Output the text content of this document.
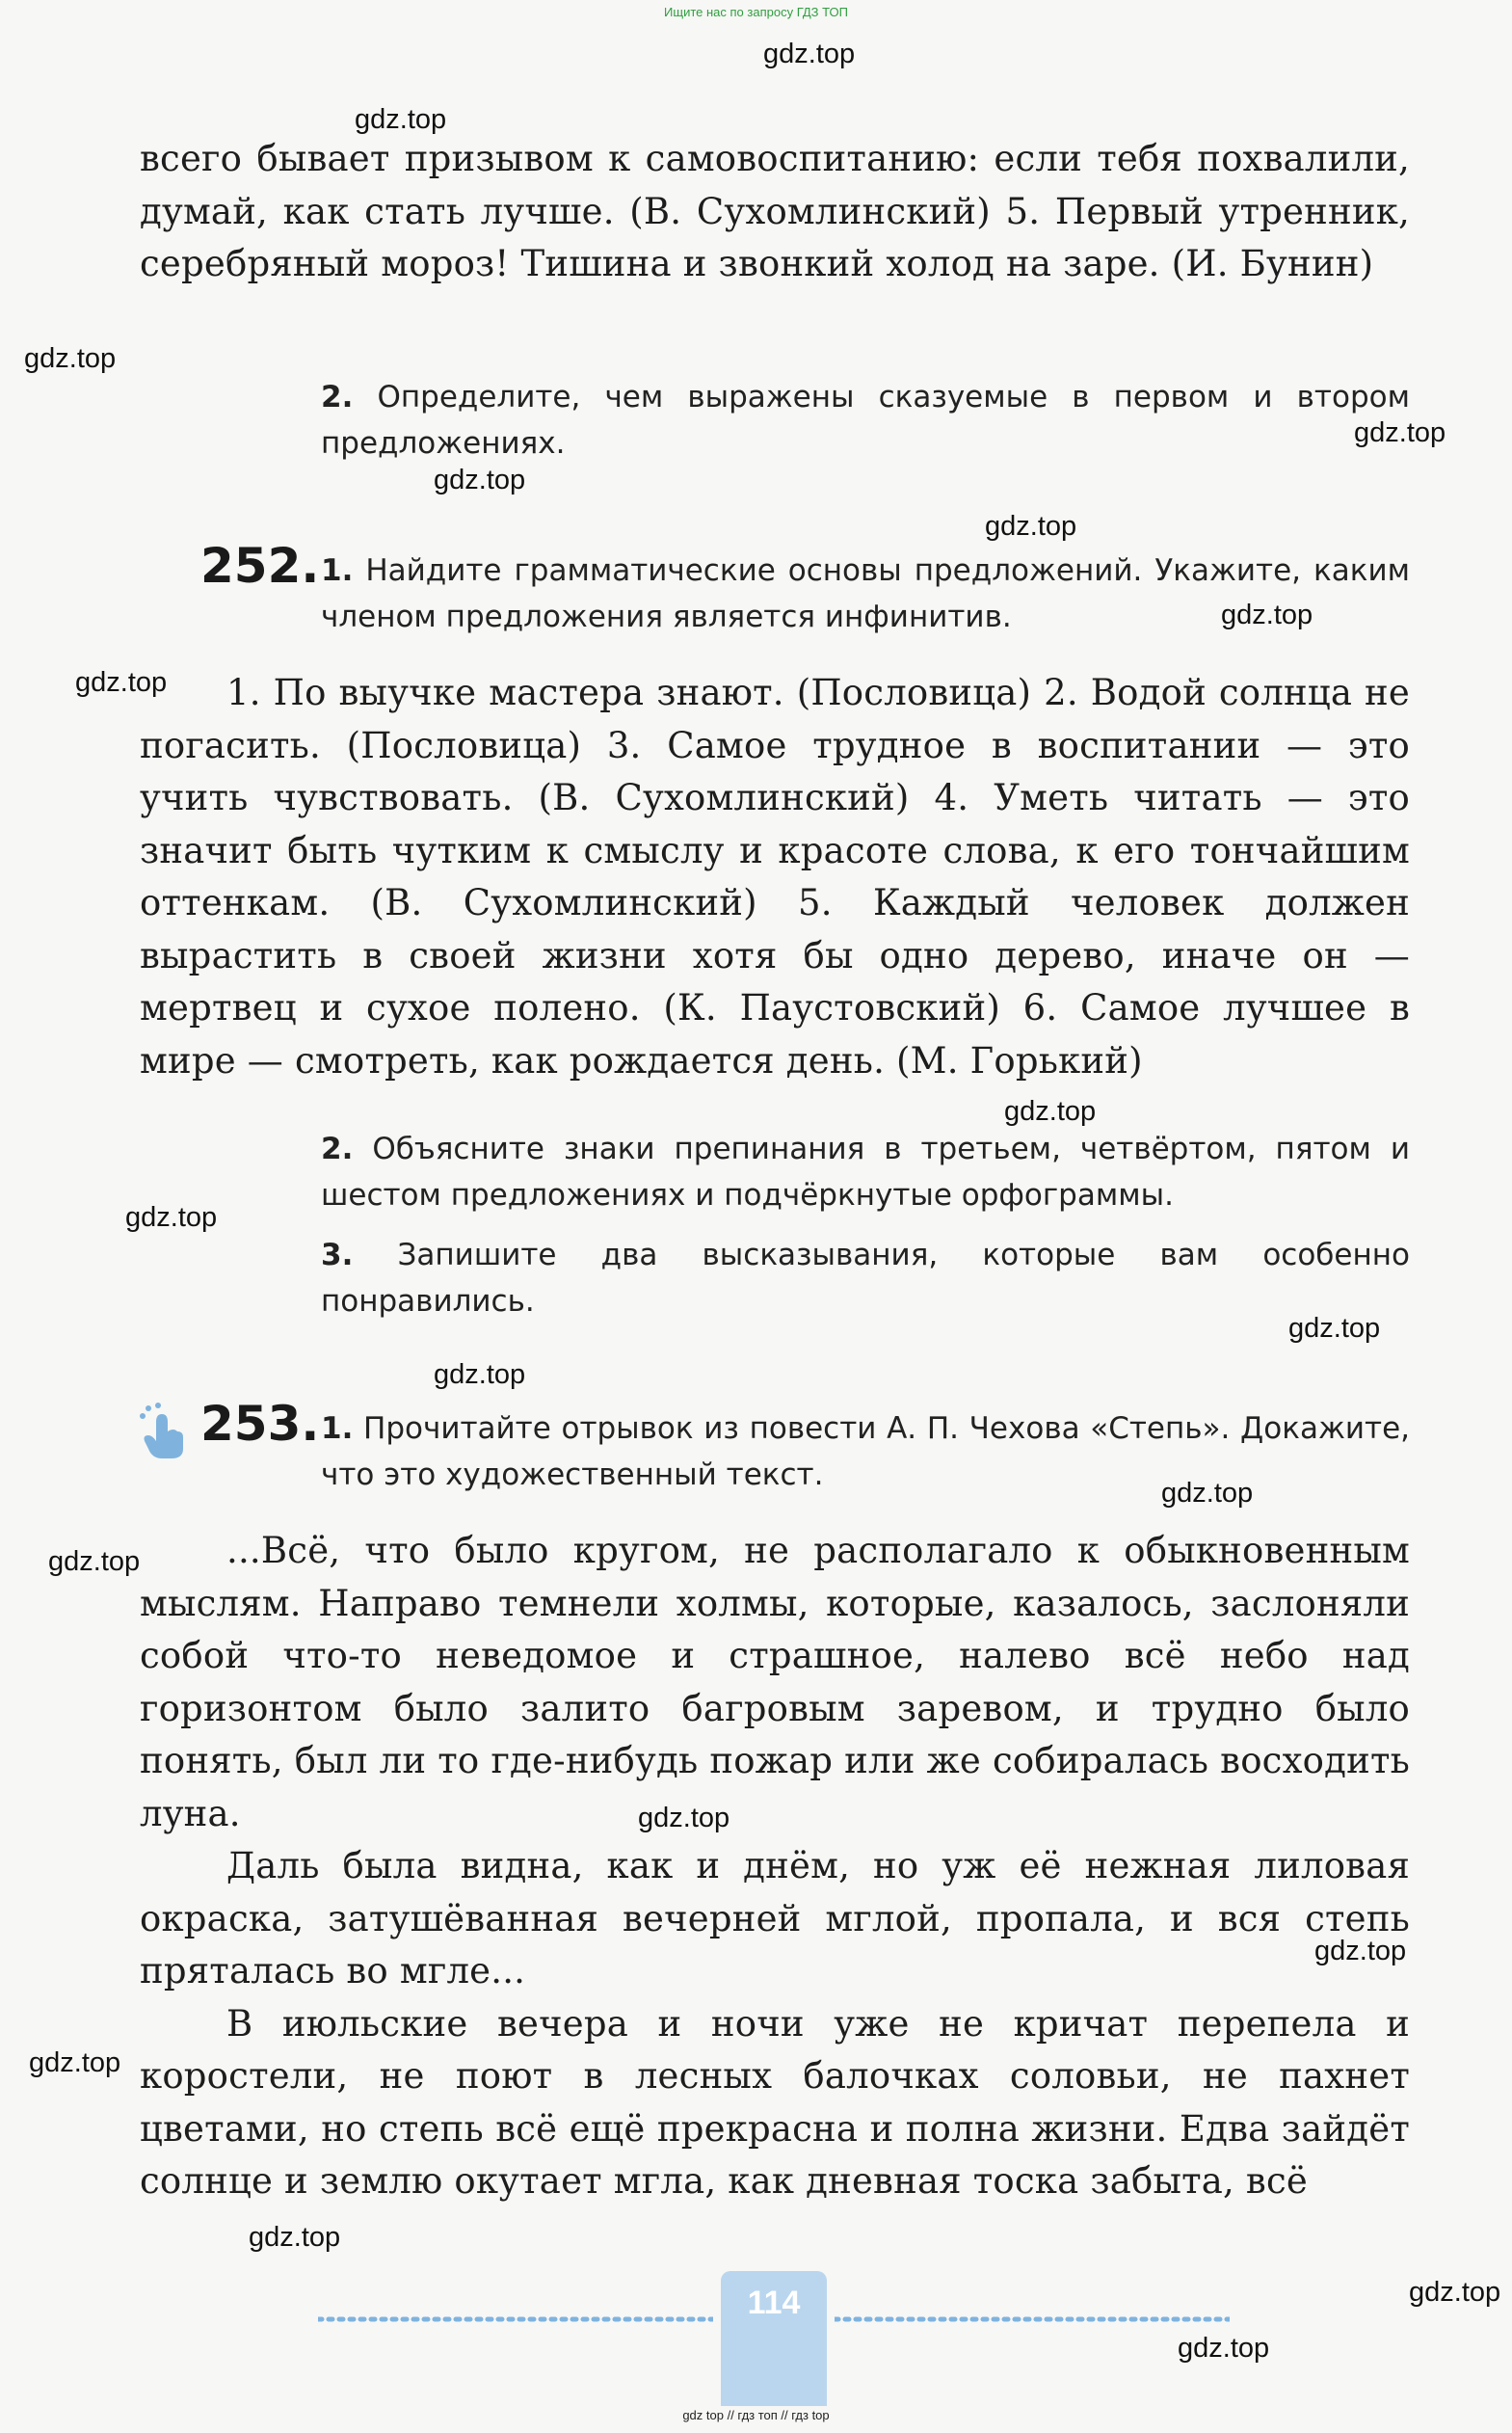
Ищите нас по запросу ГДЗ ТОП

всего бывает призывом к самовоспитанию: если тебя похвалили, думай, как стать лучше. (В. Сухомлинский) 5. Первый утренник, серебряный мороз! Тишина и звонкий холод на заре. (И. Бунин)

2. Определите, чем выражены сказуемые в первом и втором предложениях.
252. 1. Найдите грамматические основы предложений. Укажите, каким членом предложения является инфинитив.

1. По выучке мастера знают. (Пословица) 2. Водой солнца не погасить. (Пословица) 3. Самое трудное в воспитании — это учить чувствовать. (В. Сухомлинский) 4. Уметь читать — это значит быть чутким к смыслу и красоте слова, к его тончайшим оттенкам. (В. Сухомлинский) 5. Каждый человек должен вырастить в своей жизни хотя бы одно дерево, иначе он — мертвец и сухое полено. (К. Паустовский) 6. Самое лучшее в мире — смотреть, как рождается день. (М. Горький)

2. Объясните знаки препинания в третьем, четвёртом, пятом и шестом предложениях и подчёркнутые орфограммы.
3. Запишите два высказывания, которые вам особенно понравились.
253. 1. Прочитайте отрывок из повести А. П. Чехова «Степь». Докажите, что это художественный текст.

...Всё, что было кругом, не располагало к обыкновенным мыслям. Направо темнели холмы, которые, казалось, заслоняли собой что-то неведомое и страшное, налево всё небо над горизонтом было залито багровым заревом, и трудно было понять, был ли то где-нибудь пожар или же собиралась восходить луна.

Даль была видна, как и днём, но уж её нежная лиловая окраска, затушёванная вечерней мглой, пропала, и вся степь пряталась во мгле...

В июльские вечера и ночи уже не кричат перепела и коростели, не поют в лесных балочках соловьи, не пахнет цветами, но степь всё ещё прекрасна и полна жизни. Едва зайдёт солнце и землю окутает мгла, как дневная тоска забыта, всё

114
gdz top // гдз топ // гдз top
gdz.top
gdz.top
gdz.top
gdz.top
gdz.top
gdz.top
gdz.top
gdz.top
gdz.top
gdz.top
gdz.top
gdz.top
gdz.top
gdz.top
gdz.top
gdz.top
gdz.top
gdz.top
gdz.top
gdz.top
